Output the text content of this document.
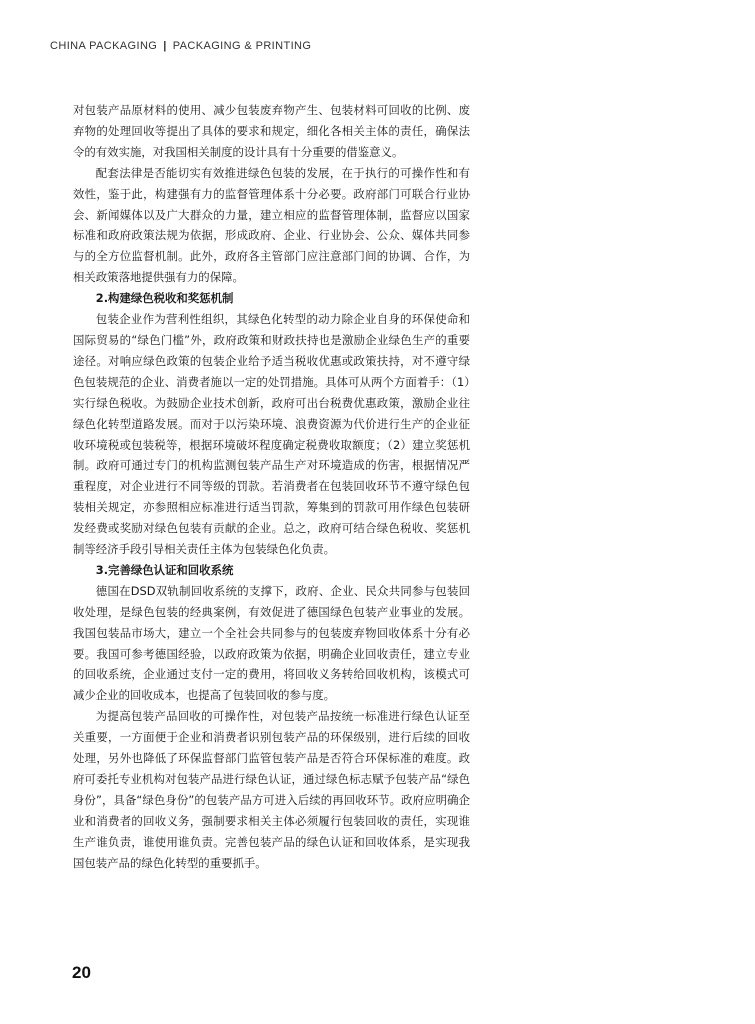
CHINA PACKAGING | PACKAGING & PRINTING

对包装产品原材料的使用、减少包装废弃物产生、包装材料可回收的比例、废弃物的处理回收等提出了具体的要求和规定，细化各相关主体的责任，确保法令的有效实施，对我国相关制度的设计具有十分重要的借鉴意义。

配套法律是否能切实有效推进绿色包装的发展，在于执行的可操作性和有效性，鉴于此，构建强有力的监督管理体系十分必要。政府部门可联合行业协会、新闻媒体以及广大群众的力量，建立相应的监督管理体制，监督应以国家标准和政府政策法规为依据，形成政府、企业、行业协会、公众、媒体共同参与的全方位监督机制。此外，政府各主管部门应注意部门间的协调、合作，为相关政策落地提供强有力的保障。

2.构建绿色税收和奖惩机制

包装企业作为营利性组织，其绿色化转型的动力除企业自身的环保使命和国际贸易的“绿色门槛”外，政府政策和财政扶持也是激励企业绿色生产的重要途径。对响应绿色政策的包装企业给予适当税收优惠或政策扶持，对不遵守绿色包装规范的企业、消费者施以一定的处罚措施。具体可从两个方面着手：（1）实行绿色税收。为鼓励企业技术创新，政府可出台税费优惠政策，激励企业往绿色化转型道路发展。而对于以污染环境、浪费资源为代价进行生产的企业征收环境税或包装税等，根据环境破坏程度确定税费收取额度；（2）建立奖惩机制。政府可通过专门的机构监测包装产品生产对环境造成的伤害，根据情况严重程度，对企业进行不同等级的罚款。若消费者在包装回收环节不遵守绿色包装相关规定，亦参照相应标准进行适当罚款，筹集到的罚款可用作绿色包装研发经费或奖励对绿色包装有贡献的企业。总之，政府可结合绿色税收、奖惩机制等经济手段引导相关责任主体为包装绿色化负责。

3.完善绿色认证和回收系统

德国在DSD双轨制回收系统的支撑下，政府、企业、民众共同参与包装回收处理，是绿色包装的经典案例，有效促进了德国绿色包装产业事业的发展。我国包装品市场大，建立一个全社会共同参与的包装废弃物回收体系十分有必要。我国可参考德国经验，以政府政策为依据，明确企业回收责任，建立专业的回收系统，企业通过支付一定的费用，将回收义务转给回收机构，该模式可减少企业的回收成本，也提高了包装回收的参与度。

为提高包装产品回收的可操作性，对包装产品按统一标准进行绿色认证至关重要，一方面便于企业和消费者识别包装产品的环保级别，进行后续的回收处理，另外也降低了环保监督部门监管包装产品是否符合环保标准的难度。政府可委托专业机构对包装产品进行绿色认证，通过绿色标志赋予包装产品“绿色身份”，具备“绿色身份”的包装产品方可进入后续的再回收环节。政府应明确企业和消费者的回收义务，强制要求相关主体必须履行包装回收的责任，实现谁生产谁负责，谁使用谁负责。完善包装产品的绿色认证和回收体系，是实现我国包装产品的绿色化转型的重要抓手。

20
